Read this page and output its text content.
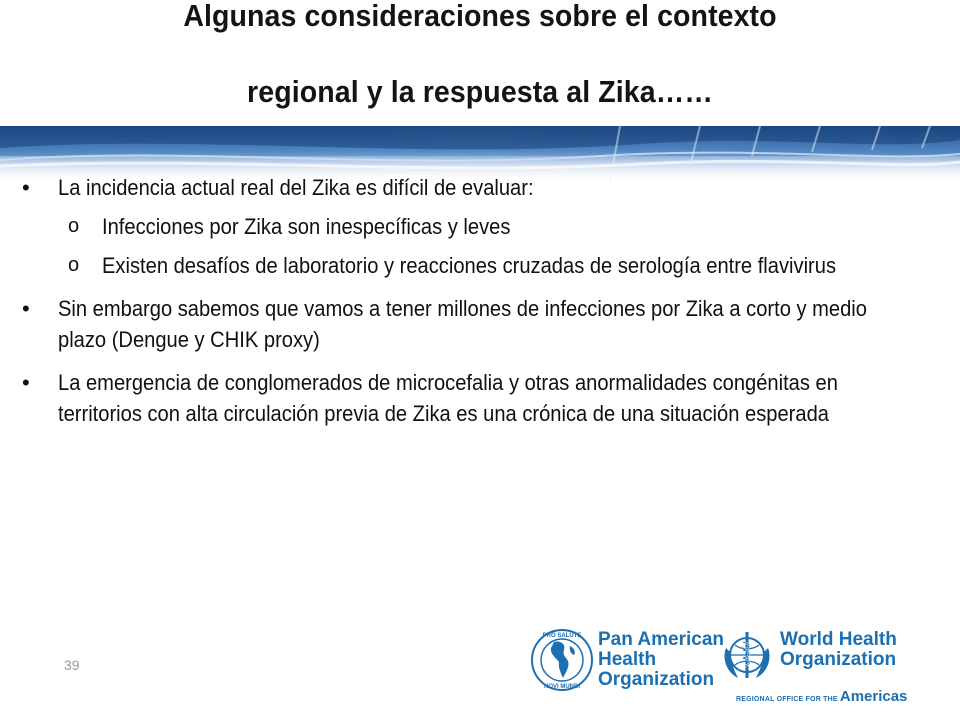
Algunas consideraciones sobre el contexto
regional y la respuesta al Zika……
• La incidencia actual real del Zika es difícil de evaluar:
o Infecciones por Zika son inespecíficas y leves
o Existen desafíos de laboratorio y reacciones cruzadas de serología entre flavivirus
• Sin embargo sabemos que vamos a tener millones de infecciones por Zika a corto y medio plazo (Dengue y CHIK proxy)
• La emergencia de conglomerados de microcefalia y otras anormalidades congénitas en territorios con alta circulación previa de Zika es una crónica de una situación esperada
39
PRO SALUTE
NOVI MUNDI
Pan American
Health
Organization
World Health
Organization
REGIONAL OFFICE FOR THE Americas
